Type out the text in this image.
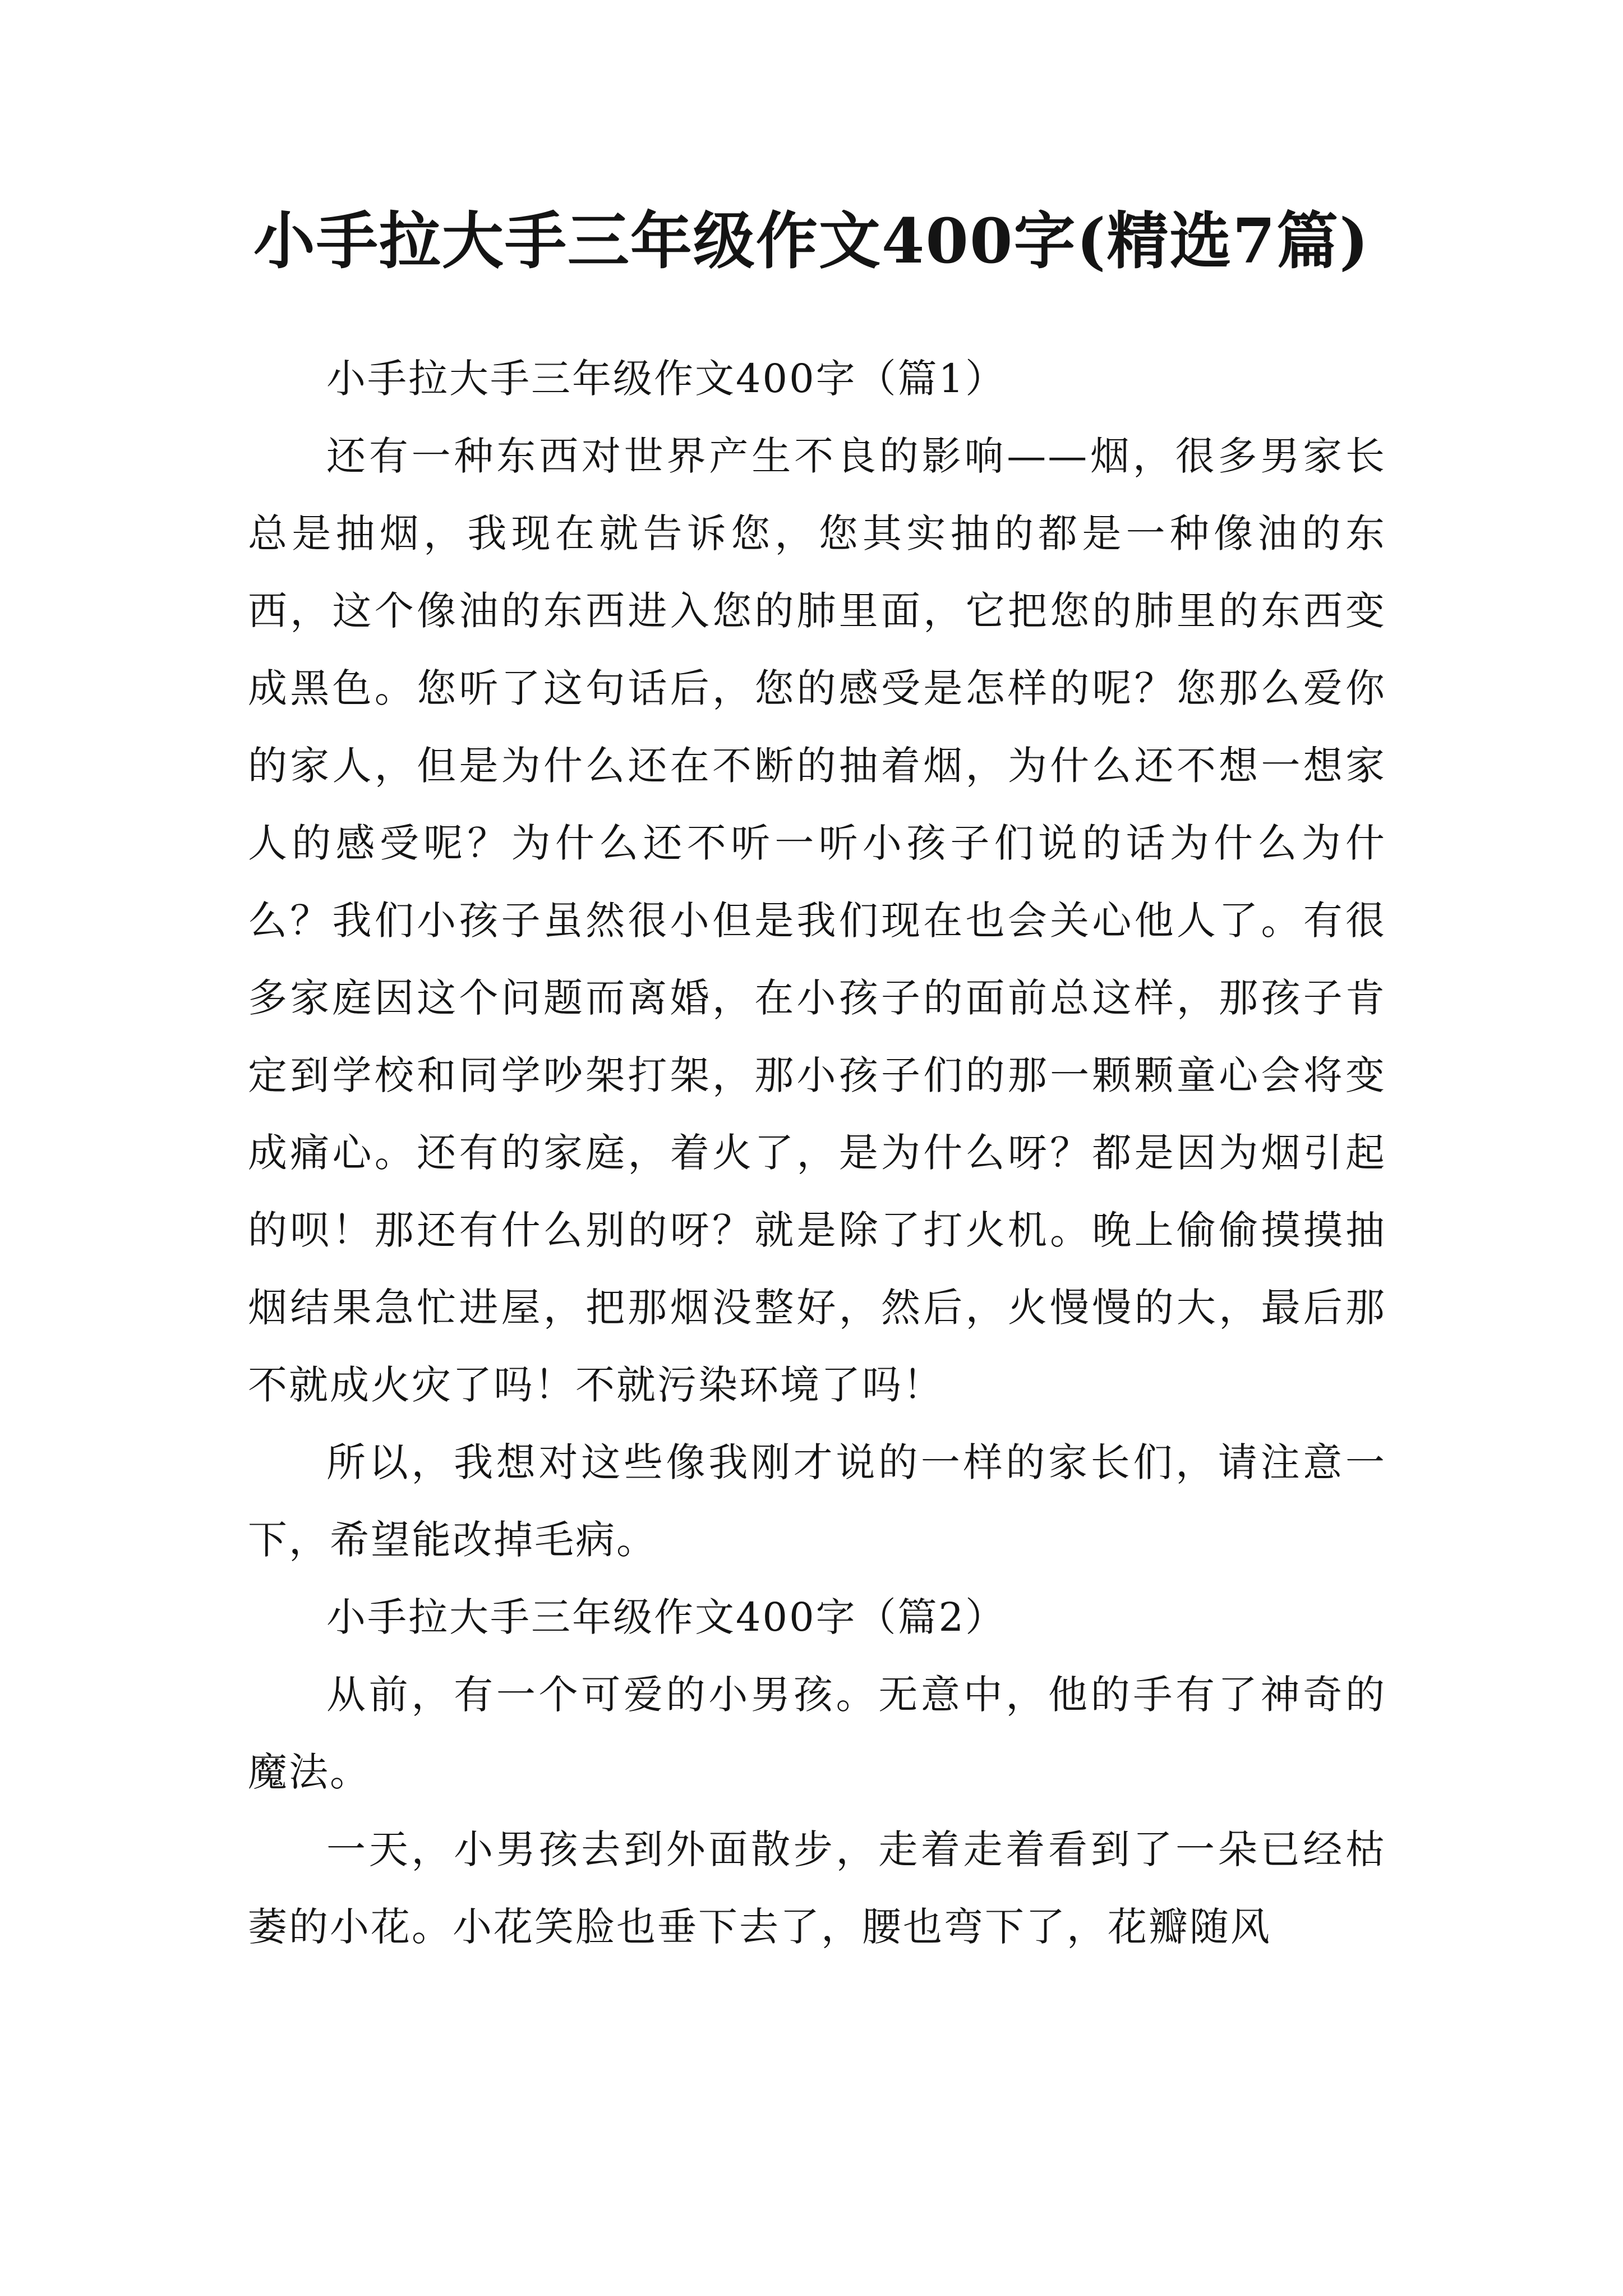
小手拉大手三年级作文400字(精选7篇)

小手拉大手三年级作文400字（篇1）

还有一种东西对世界产生不良的影响——烟，很多男家长总是抽烟，我现在就告诉您，您其实抽的都是一种像油的东西，这个像油的东西进入您的肺里面，它把您的肺里的东西变成黑色。您听了这句话后，您的感受是怎样的呢？您那么爱你的家人，但是为什么还在不断的抽着烟，为什么还不想一想家人的感受呢？为什么还不听一听小孩子们说的话为什么为什么？我们小孩子虽然很小但是我们现在也会关心他人了。有很多家庭因这个问题而离婚，在小孩子的面前总这样，那孩子肯定到学校和同学吵架打架，那小孩子们的那一颗颗童心会将变成痛心。还有的家庭，着火了，是为什么呀？都是因为烟引起的呗！那还有什么别的呀？就是除了打火机。晚上偷偷摸摸抽烟结果急忙进屋，把那烟没整好，然后，火慢慢的大，最后那不就成火灾了吗！不就污染环境了吗！

所以，我想对这些像我刚才说的一样的家长们，请注意一下，希望能改掉毛病。

小手拉大手三年级作文400字（篇2）

从前，有一个可爱的小男孩。无意中，他的手有了神奇的魔法。

一天，小男孩去到外面散步，走着走着看到了一朵已经枯萎的小花。小花笑脸也垂下去了，腰也弯下了，花瓣随风
